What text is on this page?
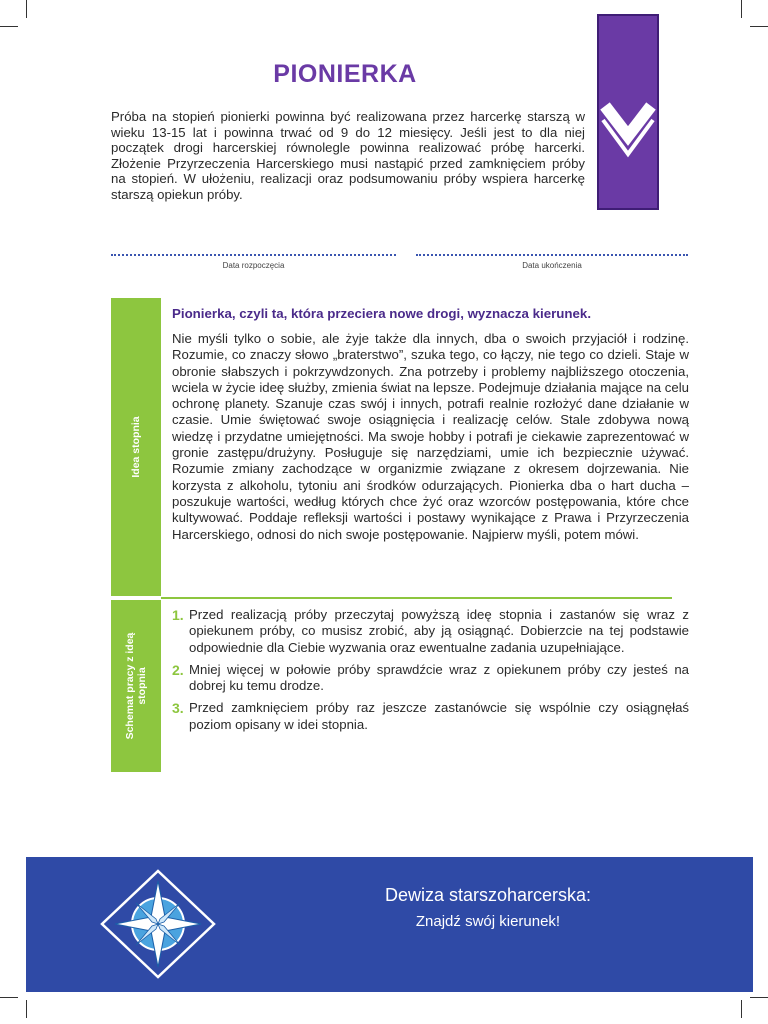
PIONIERKA
Próba na stopień pionierki powinna być realizowana przez harcerkę starszą w wieku 13-15 lat i powinna trwać od 9 do 12 miesięcy. Jeśli jest to dla niej początek drogi harcerskiej równolegle powinna realizować próbę harcerki. Złożenie Przyrzeczenia Harcerskiego musi nastąpić przed zamknięciem próby na stopień. W ułożeniu, realizacji oraz podsumowaniu próby wspiera harcerkę starszą opiekun próby.
Data rozpoczęcia	Data ukończenia
Idea stopnia
Pionierka, czyli ta, która przeciera nowe drogi, wyznacza kierunek.
Nie myśli tylko o sobie, ale żyje także dla innych, dba o swoich przyjaciół i rodzinę. Rozumie, co znaczy słowo „braterstwo”, szuka tego, co łączy, nie tego co dzieli. Staje w obronie słabszych i pokrzywdzonych. Zna potrzeby i problemy najbliższego otoczenia, wciela w życie ideę służby, zmienia świat na lepsze. Podejmuje działania mające na celu ochronę planety. Szanuje czas swój i innych, potrafi realnie rozłożyć dane działanie w czasie. Umie świętować swoje osiągnięcia i realizację celów. Stale zdobywa nową wiedzę i przydatne umiejętności. Ma swoje hobby i potrafi je ciekawie zaprezentować w gronie zastępu/drużyny. Posługuje się narzędziami, umie ich bezpiecznie używać. Rozumie zmiany zachodzące w organizmie związane z okresem dojrzewania. Nie korzysta z alkoholu, tytoniu ani środków odurzających. Pionierka dba o hart ducha – poszukuje wartości, według których chce żyć oraz wzorców postępowania, które chce kultywować. Poddaje refleksji wartości i postawy wynikające z Prawa i Przyrzeczenia Harcerskiego, odnosi do nich swoje postępowanie. Najpierw myśli, potem mówi.
Schemat pracy z ideą stopnia
1. Przed realizacją próby przeczytaj powyższą ideę stopnia i zastanów się wraz z opiekunem próby, co musisz zrobić, aby ją osiągnąć. Dobierzcie na tej podstawie odpowiednie dla Ciebie wyzwania oraz ewentualne zadania uzupełniające.
2. Mniej więcej w połowie próby sprawdźcie wraz z opiekunem próby czy jesteś na dobrej ku temu drodze.
3. Przed zamknięciem próby raz jeszcze zastanówcie się wspólnie czy osiągnęłaś poziom opisany w idei stopnia.
Dewiza starszoharcerska:
Znajdź swój kierunek!
